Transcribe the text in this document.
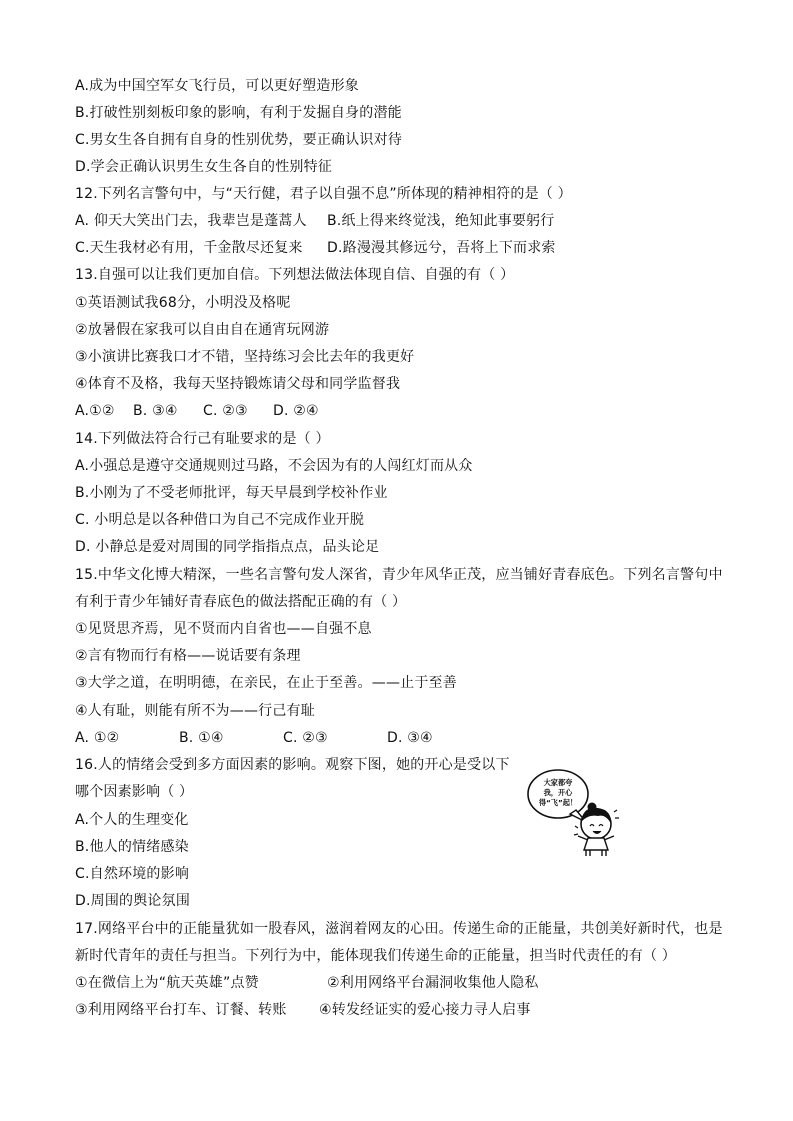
A.成为中国空军女飞行员，可以更好塑造形象
B.打破性别刻板印象的影响，有利于发掘自身的潜能
C.男女生各自拥有自身的性别优势，要正确认识对待
D.学会正确认识男生女生各自的性别特征
12.下列名言警句中，与“天行健，君子以自强不息”所体现的精神相符的是（ ）
A. 仰天大笑出门去，我辈岂是蓬蒿人 B.纸上得来终觉浅，绝知此事要躬行
C.天生我材必有用，千金散尽还复来 D.路漫漫其修远兮，吾将上下而求索
13.自强可以让我们更加自信。下列想法做法体现自信、自强的有（ ）
①英语测试我68分，小明没及格呢
②放暑假在家我可以自由自在通宵玩网游
③小演讲比赛我口才不错，坚持练习会比去年的我更好
④体育不及格，我每天坚持锻炼请父母和同学监督我
A.①② B. ③④ C. ②③ D. ②④
14.下列做法符合行己有耻要求的是（ ）
A.小强总是遵守交通规则过马路，不会因为有的人闯红灯而从众
B.小刚为了不受老师批评，每天早晨到学校补作业
C. 小明总是以各种借口为自己不完成作业开脱
D. 小静总是爱对周围的同学指指点点，品头论足
15.中华文化博大精深，一些名言警句发人深省，青少年风华正茂，应当铺好青春底色。下列名言警句中
有利于青少年铺好青春底色的做法搭配正确的有（ ）
①见贤思齐焉，见不贤而内自省也——自强不息
②言有物而行有格——说话要有条理
③大学之道，在明明德，在亲民，在止于至善。——止于至善
④人有耻，则能有所不为——行己有耻
A. ①②	B. ①④	C. ②③	D. ③④
16.人的情绪会受到多方面因素的影响。观察下图，她的开心是受以下
哪个因素影响（ ）
A.个人的生理变化
B.他人的情绪感染
C.自然环境的影响
D.周围的舆论氛围
大家都夸
我，开心
得“飞”起！
17.网络平台中的正能量犹如一股春风，滋润着网友的心田。传递生命的正能量，共创美好新时代，也是
新时代青年的责任与担当。下列行为中，能体现我们传递生命的正能量，担当时代责任的有（ ）
①在微信上为“航天英雄”点赞	②利用网络平台漏洞收集他人隐私
③利用网络平台打车、订餐、转账 ④转发经证实的爱心接力寻人启事
